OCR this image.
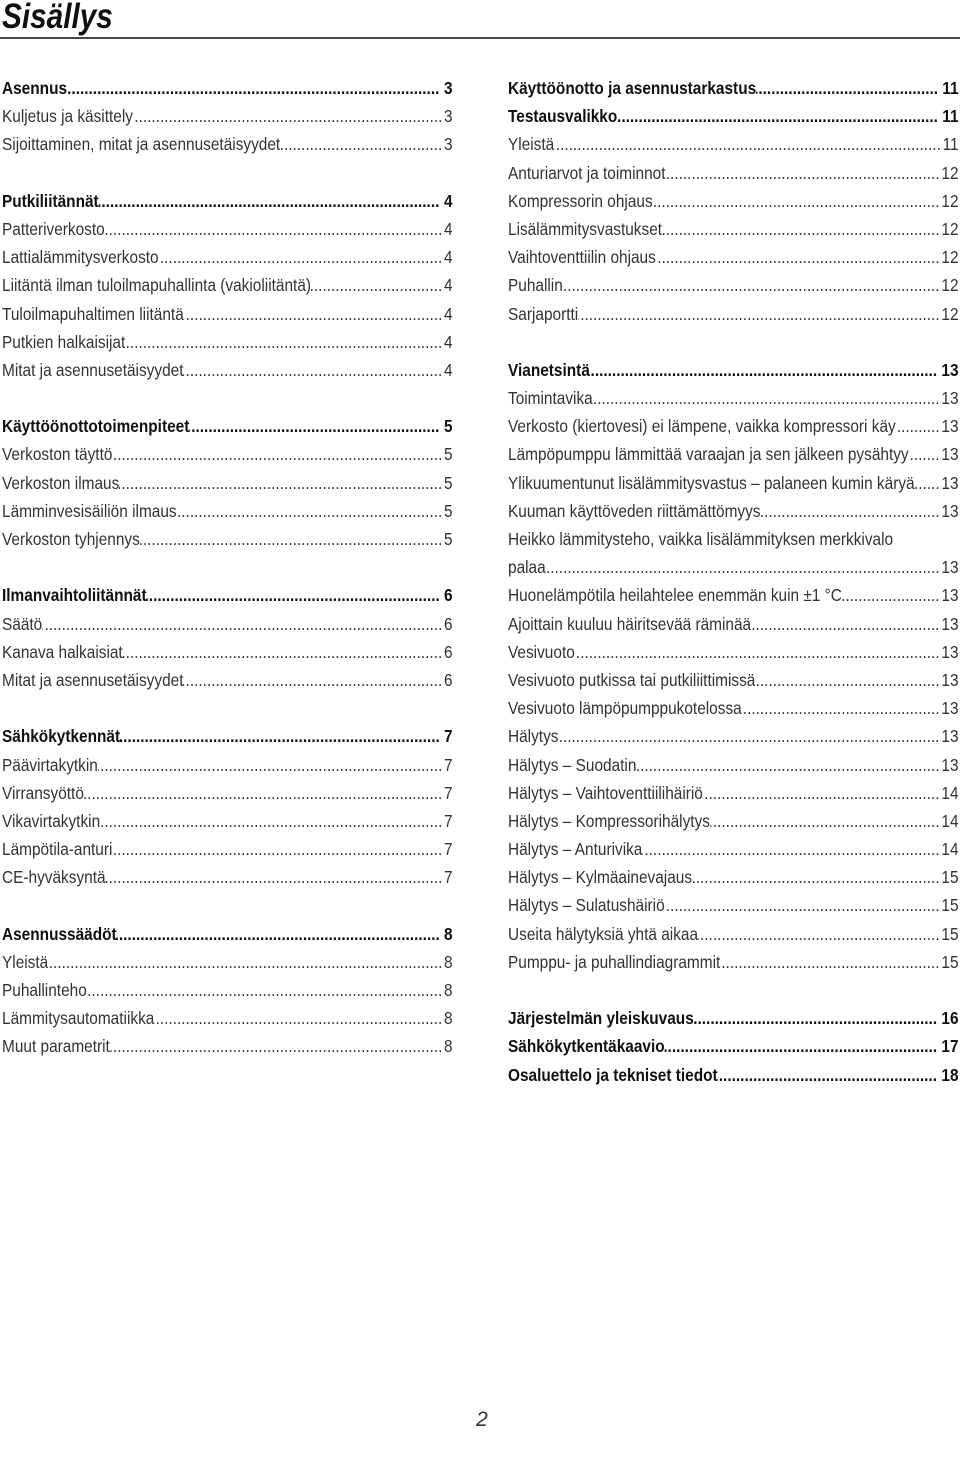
Sisällys
Asennus .....	3
Kuljetus ja käsittely .....	3
Sijoittaminen, mitat ja asennusetäisyydet .....	3
Putkiliitännät .....	4
Patteriverkosto .....	4
Lattialämmitysverkosto .....	4
Liitäntä ilman tuloilmapuhallinta (vakioliitäntä) .....	4
Tuloilmapuhaltimen liitäntä .....	4
Putkien halkaisijat .....	4
Mitat ja asennusetäisyydet .....	4
Käyttöönottotoimenpiteet .....	5
Verkoston täyttö .....	5
Verkoston ilmaus .....	5
Lämminvesisäiliön ilmaus .....	5
Verkoston tyhjennys .....	5
Ilmanvaihtoliitännät .....	6
Säätö .....	6
Kanava halkaisiat .....	6
Mitat ja asennusetäisyydet .....	6
Sähkökytkennät .....	7
Päävirtakytkin .....	7
Virransyöttö .....	7
Vikavirtakytkin .....	7
Lämpötila-anturi .....	7
CE-hyväksyntä .....	7
Asennussäädöt .....	8
Yleistä .....	8
Puhallinteho .....	8
Lämmitysautomatiikka .....	8
Muut parametrit .....	8
Käyttöönotto ja asennustarkastus .....	11
Testausvalikko .....	11
Yleistä .....	11
Anturiarvot ja toiminnot .....	12
Kompressorin ohjaus .....	12
Lisälämmitysvastukset .....	12
Vaihtoventtiilin ohjaus .....	12
Puhallin .....	12
Sarjaportti .....	12
Vianetsintä .....	13
Toimintavika .....	13
Verkosto (kiertovesi) ei lämpene, vaikka kompressori käy .....	13
Lämpöpumppu lämmittää varaajan ja sen jälkeen pysähtyy ..... 13
Ylikuumentunut lisälämmitysvastus – palaneen kumin käryä ..... 13
Kuuman käyttöveden riittämättömyys .....	13
Heikko lämmitysteho, vaikka lisälämmityksen merkkivalo
palaa .....	13
Huonelämpötila heilahtelee enemmän kuin ±1 °C .....	13
Ajoittain kuuluu häiritsevää räminää .....	13
Vesivuoto .....	13
Vesivuoto putkissa tai putkiliittimissä .....	13
Vesivuoto lämpöpumppukotelossa .....	13
Hälytys .....	13
Hälytys – Suodatin .....	13
Hälytys – Vaihtoventtiilihäiriö .....	14
Hälytys – Kompressorihälytys .....	14
Hälytys – Anturivika .....	14
Hälytys – Kylmäainevajaus .....	15
Hälytys – Sulatushäiriö .....	15
Useita hälytyksiä yhtä aikaa .....	15
Pumppu- ja puhallindiagrammit .....	15
Järjestelmän yleiskuvaus .....	16
Sähkökytkentäkaavio .....	17
Osaluettelo ja tekniset tiedot .....	18
2
